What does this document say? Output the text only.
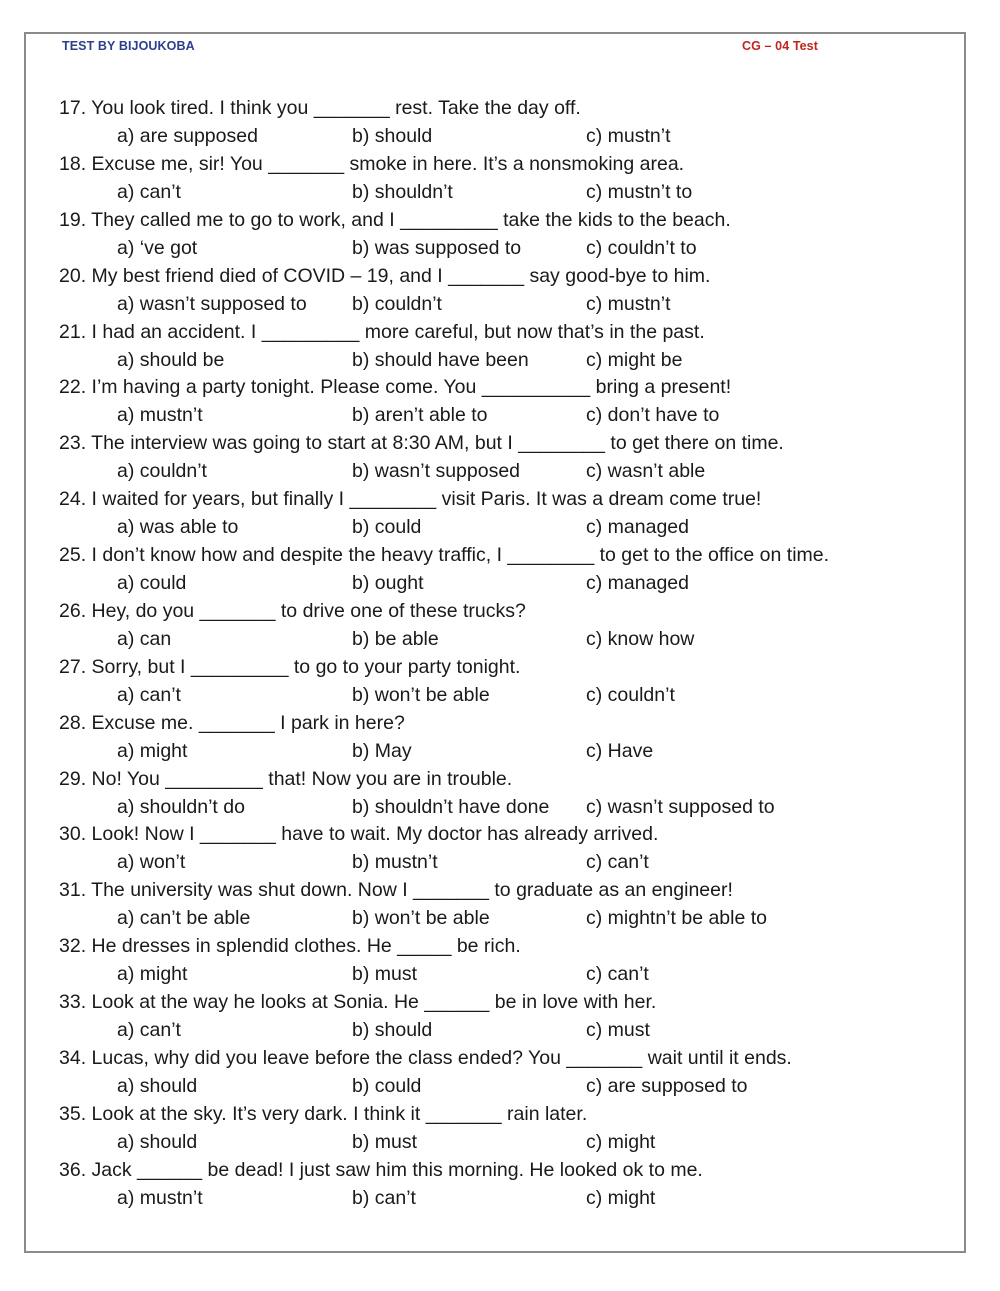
TEST BY BIJOUKOBA	CG – 04 Test
17. You look tired. I think you _______ rest. Take the day off.
a) are supposed	b) should	c) mustn’t
18. Excuse me, sir! You _______ smoke in here. It’s a nonsmoking area.
a) can’t	b) shouldn’t	c) mustn’t to
19. They called me to go to work, and I _________ take the kids to the beach.
a) ‘ve got	b) was supposed to	c) couldn’t to
20. My best friend died of COVID – 19, and I _______ say good-bye to him.
a) wasn’t supposed to b) couldn’t	c) mustn’t
21. I had an accident. I _________ more careful, but now that’s in the past.
a) should be	b) should have been	c) might be
22. I’m having a party tonight. Please come. You __________ bring a present!
a) mustn’t	b) aren’t able to	c) don’t have to
23. The interview was going to start at 8:30 AM, but I ________ to get there on time.
a) couldn’t	b) wasn’t supposed	c) wasn’t able
24. I waited for years, but finally I ________ visit Paris. It was a dream come true!
a) was able to	b) could	c) managed
25. I don’t know how and despite the heavy traffic, I ________ to get to the office on time.
a) could	b) ought	c) managed
26. Hey, do you _______ to drive one of these trucks?
a) can	b) be able	c) know how
27. Sorry, but I _________ to go to your party tonight.
a) can’t	b) won’t be able	c) couldn’t
28. Excuse me. _______ I park in here?
a) might	b) May	c) Have
29. No! You _________ that! Now you are in trouble.
a) shouldn’t do	b) shouldn’t have done c) wasn’t supposed to
30. Look! Now I _______ have to wait. My doctor has already arrived.
a) won’t	b) mustn’t	c) can’t
31. The university was shut down. Now I _______ to graduate as an engineer!
a) can’t be able	b) won’t be able	c) mightn’t be able to
32. He dresses in splendid clothes. He _____ be rich.
a) might	b) must	c) can’t
33. Look at the way he looks at Sonia. He ______ be in love with her.
a) can’t	b) should	c) must
34. Lucas, why did you leave before the class ended? You _______ wait until it ends.
a) should	b) could	c) are supposed to
35. Look at the sky. It’s very dark. I think it _______ rain later.
a) should	b) must	c) might
36. Jack ______ be dead! I just saw him this morning. He looked ok to me.
a) mustn’t	b) can’t	c) might
